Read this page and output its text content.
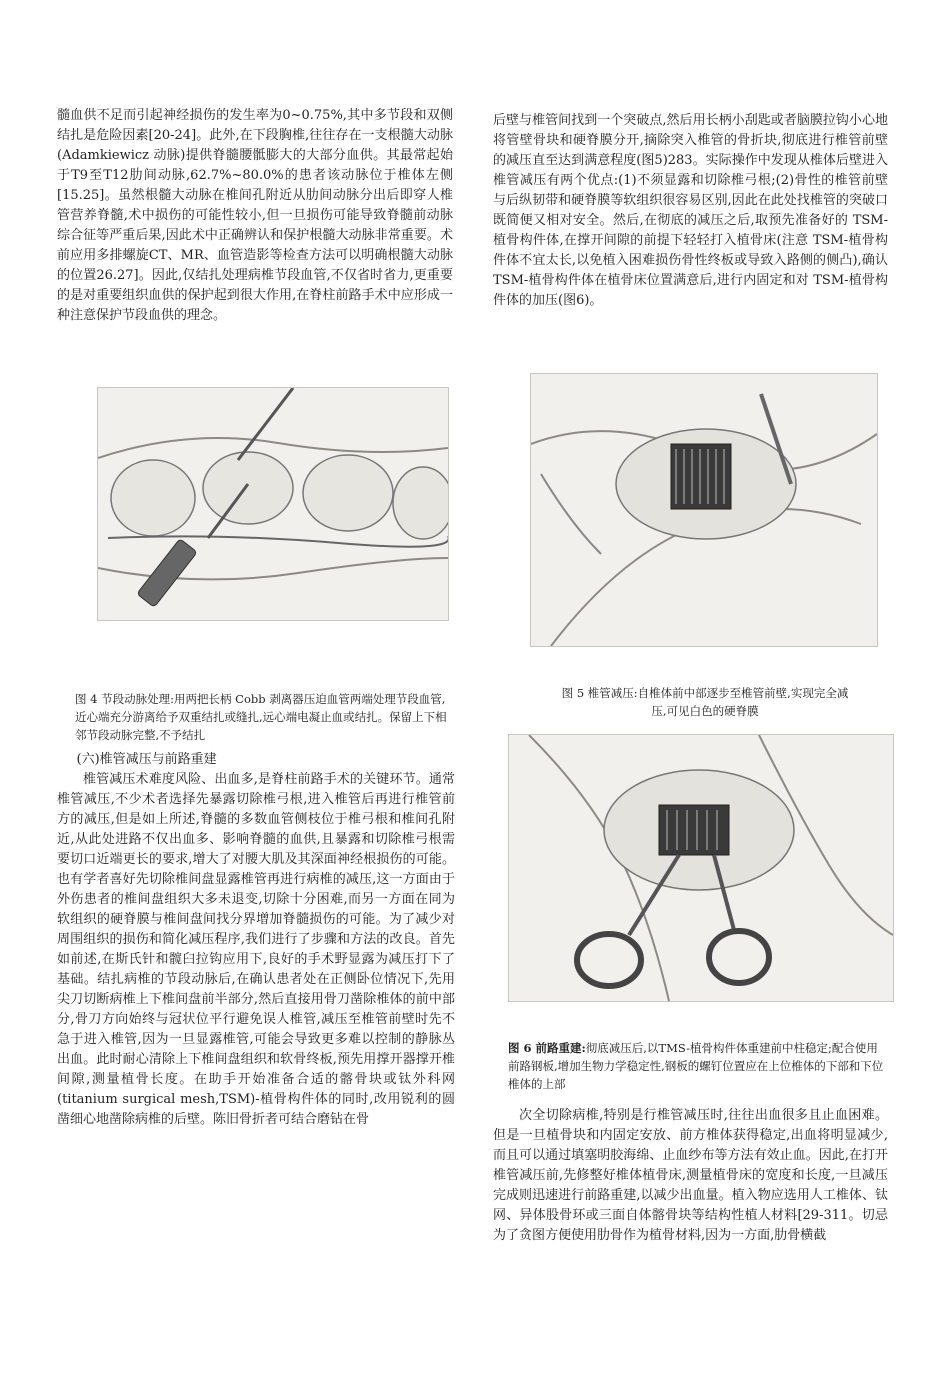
髓血供不足而引起神经损伤的发生率为0~0.75%,其中多节段和双侧结扎是危险因素[20-24]。此外,在下段胸椎,往往存在一支根髓大动脉(Adamkiewicz 动脉)提供脊髓腰骶膨大的大部分血供。其最常起始于T9至T12肋间动脉,62.7%~80.0%的患者该动脉位于椎体左侧[15.25]。虽然根髓大动脉在椎间孔附近从肋间动脉分出后即穿人椎管营养脊髓,术中损伤的可能性较小,但一旦损伤可能导致脊髓前动脉综合征等严重后果,因此术中正确辨认和保护根髓大动脉非常重要。术前应用多排螺旋CT、MR、血管造影等检查方法可以明确根髓大动脉的位置26.27]。因此,仅结扎处理病椎节段血管,不仅省时省力,更重要的是对重要组织血供的保护起到很大作用,在脊柱前路手术中应形成一种注意保护节段血供的理念。

后壁与椎管间找到一个突破点,然后用长柄小刮匙或者脑膜拉钩小心地将管壁骨块和硬脊膜分开,摘除突入椎管的骨折块,彻底进行椎管前壁的减压直至达到满意程度(图5)283。实际操作中发现从椎体后壁进入椎管减压有两个优点:(1)不须显露和切除椎弓根;(2)骨性的椎管前壁与后纵韧带和硬脊膜等软组织很容易区别,因此在此处找椎管的突破口既简便又相对安全。然后,在彻底的减压之后,取预先准备好的 TSM-植骨构件体,在撑开间隙的前提下轻轻打入植骨床(注意 TSM-植骨构件体不宜太长,以免植入困难损伤骨性终板或导致入路侧的侧凸),确认 TSM-植骨构件体在植骨床位置满意后,进行内固定和对 TSM-植骨构件体的加压(图6)。

图 4 节段动脉处理:用两把长柄 Cobb 剥离器压迫血管两端处理节段血管,近心端充分游离给予双重结扎或缝扎,远心端电凝止血或结扎。保留上下相邻节段动脉完整,不予结扎
图 5 椎管减压:自椎体前中部逐步至椎管前壁,实现完全减压,可见白色的硬脊膜
图 6 前路重建:彻底减压后,以TMS-植骨构件体重建前中柱稳定;配合使用前路钢板,增加生物力学稳定性,钢板的螺钉位置应在上位椎体的下部和下位椎体的上部

(六)椎管减压与前路重建

椎管减压术难度风险、出血多,是脊柱前路手术的关键环节。通常椎管减压,不少术者选择先暴露切除椎弓根,进入椎管后再进行椎管前方的减压,但是如上所述,脊髓的多数血管侧枝位于椎弓根和椎间孔附近,从此处进路不仅出血多、影响脊髓的血供,且暴露和切除椎弓根需要切口近端更长的要求,增大了对腰大肌及其深面神经根损伤的可能。也有学者喜好先切除椎间盘显露椎管再进行病椎的减压,这一方面由于外伤患者的椎间盘组织大多未退变,切除十分困难,而另一方面在同为软组织的硬脊膜与椎间盘间找分界增加脊髓损伤的可能。为了减少对周围组织的损伤和简化减压程序,我们进行了步骤和方法的改良。首先如前述,在斯氏针和髋臼拉钩应用下,良好的手术野显露为减压打下了基础。结扎病椎的节段动脉后,在确认患者处在正侧卧位情况下,先用尖刀切断病椎上下椎间盘前半部分,然后直接用骨刀凿除椎体的前中部分,骨刀方向始终与冠状位平行避免误人椎管,减压至椎管前壁时先不急于进入椎管,因为一旦显露椎管,可能会导致更多难以控制的静脉丛出血。此时耐心清除上下椎间盘组织和软骨终板,预先用撑开器撑开椎间隙,测量植骨长度。在助手开始准备合适的髂骨块或钛外科网(titanium surgical mesh,TSM)-植骨构件体的同时,改用锐利的圆凿细心地凿除病椎的后壁。陈旧骨折者可结合磨钻在骨	次全切除病椎,特别是行椎管减压时,往往出血很多且止血困难。但是一旦植骨块和内固定安放、前方椎体获得稳定,出血将明显减少,而且可以通过填塞明胶海绵、止血纱布等方法有效止血。因此,在打开椎管减压前,先修整好椎体植骨床,测量植骨床的宽度和长度,一旦减压完成则迅速进行前路重建,以减少出血量。植入物应选用人工椎体、钛网、异体股骨环或三面自体髂骨块等结构性植人材料[29-311。切忌为了贪图方便使用肋骨作为植骨材料,因为一方面,肋骨横截
